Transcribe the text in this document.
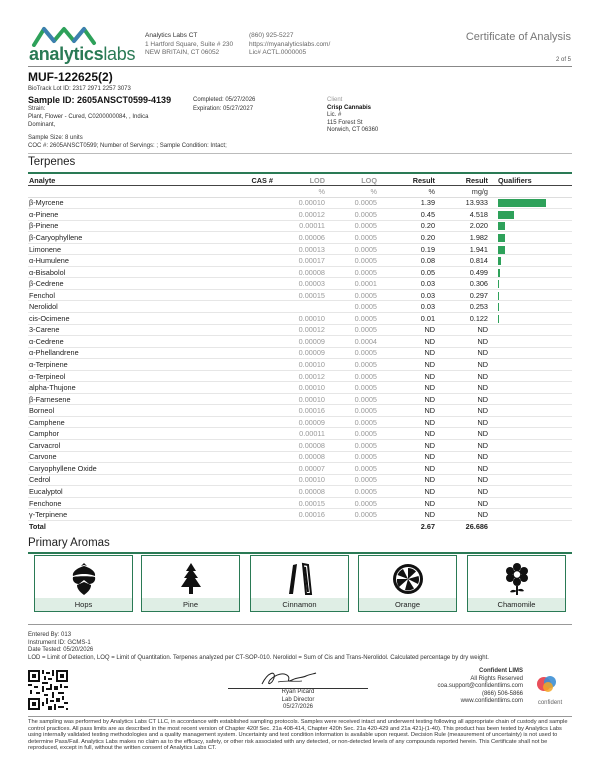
analyticslabs
Analytics Labs CT
1 Hartford Square, Suite # 230
NEW BRITAIN, CT 06052
(860) 925-5227
https://myanalyticslabs.com/
Lic# ACTL.0000005
Certificate of Analysis
2 of 5
MUF-122625(2)
BioTrack Lot ID: 2317 2971 2257 3073
Sample ID: 2605ANSCT0599-4139	Completed: 05/27/2026
Expiration: 05/27/2027
Strain:
Plant, Flower - Cured, C0200000084, , Indica
Dominant,
Sample Size: 8 units
COC #: 2605ANSCT0599; Number of Servings: ; Sample Condition: Intact;
Client
Crisp Cannabis
Lic. #
115 Forest St
Norwich, CT 06360
Terpenes
Analyte	CAS #	LOD	LOQ	Result	Result	Qualifiers
		%	%	%	mg/g	
β-Myrcene		0.00010	0.0005	1.39	13.933	
α-Pinene		0.00012	0.0005	0.45	4.518	
β-Pinene		0.00011	0.0005	0.20	2.020	
β-Caryophyllene		0.00006	0.0005	0.20	1.982	
Limonene		0.00013	0.0005	0.19	1.941	
α-Humulene		0.00017	0.0005	0.08	0.814	
α-Bisabolol		0.00008	0.0005	0.05	0.499	
β-Cedrene		0.00003	0.0001	0.03	0.306	
Fenchol		0.00015	0.0005	0.03	0.297	
Nerolidol			0.0005	0.03	0.253	
cis-Ocimene		0.00010	0.0005	0.01	0.122	
3-Carene		0.00012	0.0005	ND	ND	
α-Cedrene		0.00009	0.0004	ND	ND	
α-Phellandrene		0.00009	0.0005	ND	ND	
α-Terpinene		0.00010	0.0005	ND	ND	
α-Terpineol		0.00012	0.0005	ND	ND	
alpha-Thujone		0.00010	0.0005	ND	ND	
β-Farnesene		0.00010	0.0005	ND	ND	
Borneol		0.00016	0.0005	ND	ND	
Camphene		0.00009	0.0005	ND	ND	
Camphor		0.00011	0.0005	ND	ND	
Carvacrol		0.00008	0.0005	ND	ND	
Carvone		0.00008	0.0005	ND	ND	
Caryophyllene Oxide		0.00007	0.0005	ND	ND	
Cedrol		0.00010	0.0005	ND	ND	
Eucalyptol		0.00008	0.0005	ND	ND	
Fenchone		0.00015	0.0005	ND	ND	
γ-Terpinene		0.00016	0.0005	ND	ND	
Total				2.67	26.686	
Primary Aromas
Hops	Pine	Cinnamon	Orange	Chamomile
Entered By: 013
Instrument ID: GCMS-1
Date Tested: 05/20/2026
LOD = Limit of Detection, LOQ = Limit of Quantitation. Terpenes analyzed per CT-SOP-010. Nerolidol = Sum of Cis and Trans-Nerolidol. Calculated percentage by dry weight.
Ryan Picard
Lab Director
05/27/2026
Confident LIMS
All Rights Reserved
coa.support@confidentlims.com
(866) 506-5866
www.confidentlims.com	confident
The sampling was performed by Analytics Labs CT LLC, in accordance with established sampling protocols. Samples were received intact and underwent testing following all appropriate chain of custody and sample control practices. All pass limits are as described in the most recent version of Chapter 420f Sec. 21a 408-414, Chapter 420h Sec. 21a 420-429 and 21a 421j-(1-40). This product has been tested by Analytics Labs using internally validated testing methodologies and a quality management system. Uncertainty and test condition information is available upon request. Decision Rule (measurement of uncertainty) is not used to determine Pass/Fail. Analytics Labs makes no claim as to the efficacy, safety, or other risk associated with any detected, or non-detected levels of any compounds reported herein. This Certificate shall not be reproduced, except in full, without the written consent of Analytics Labs CT.
